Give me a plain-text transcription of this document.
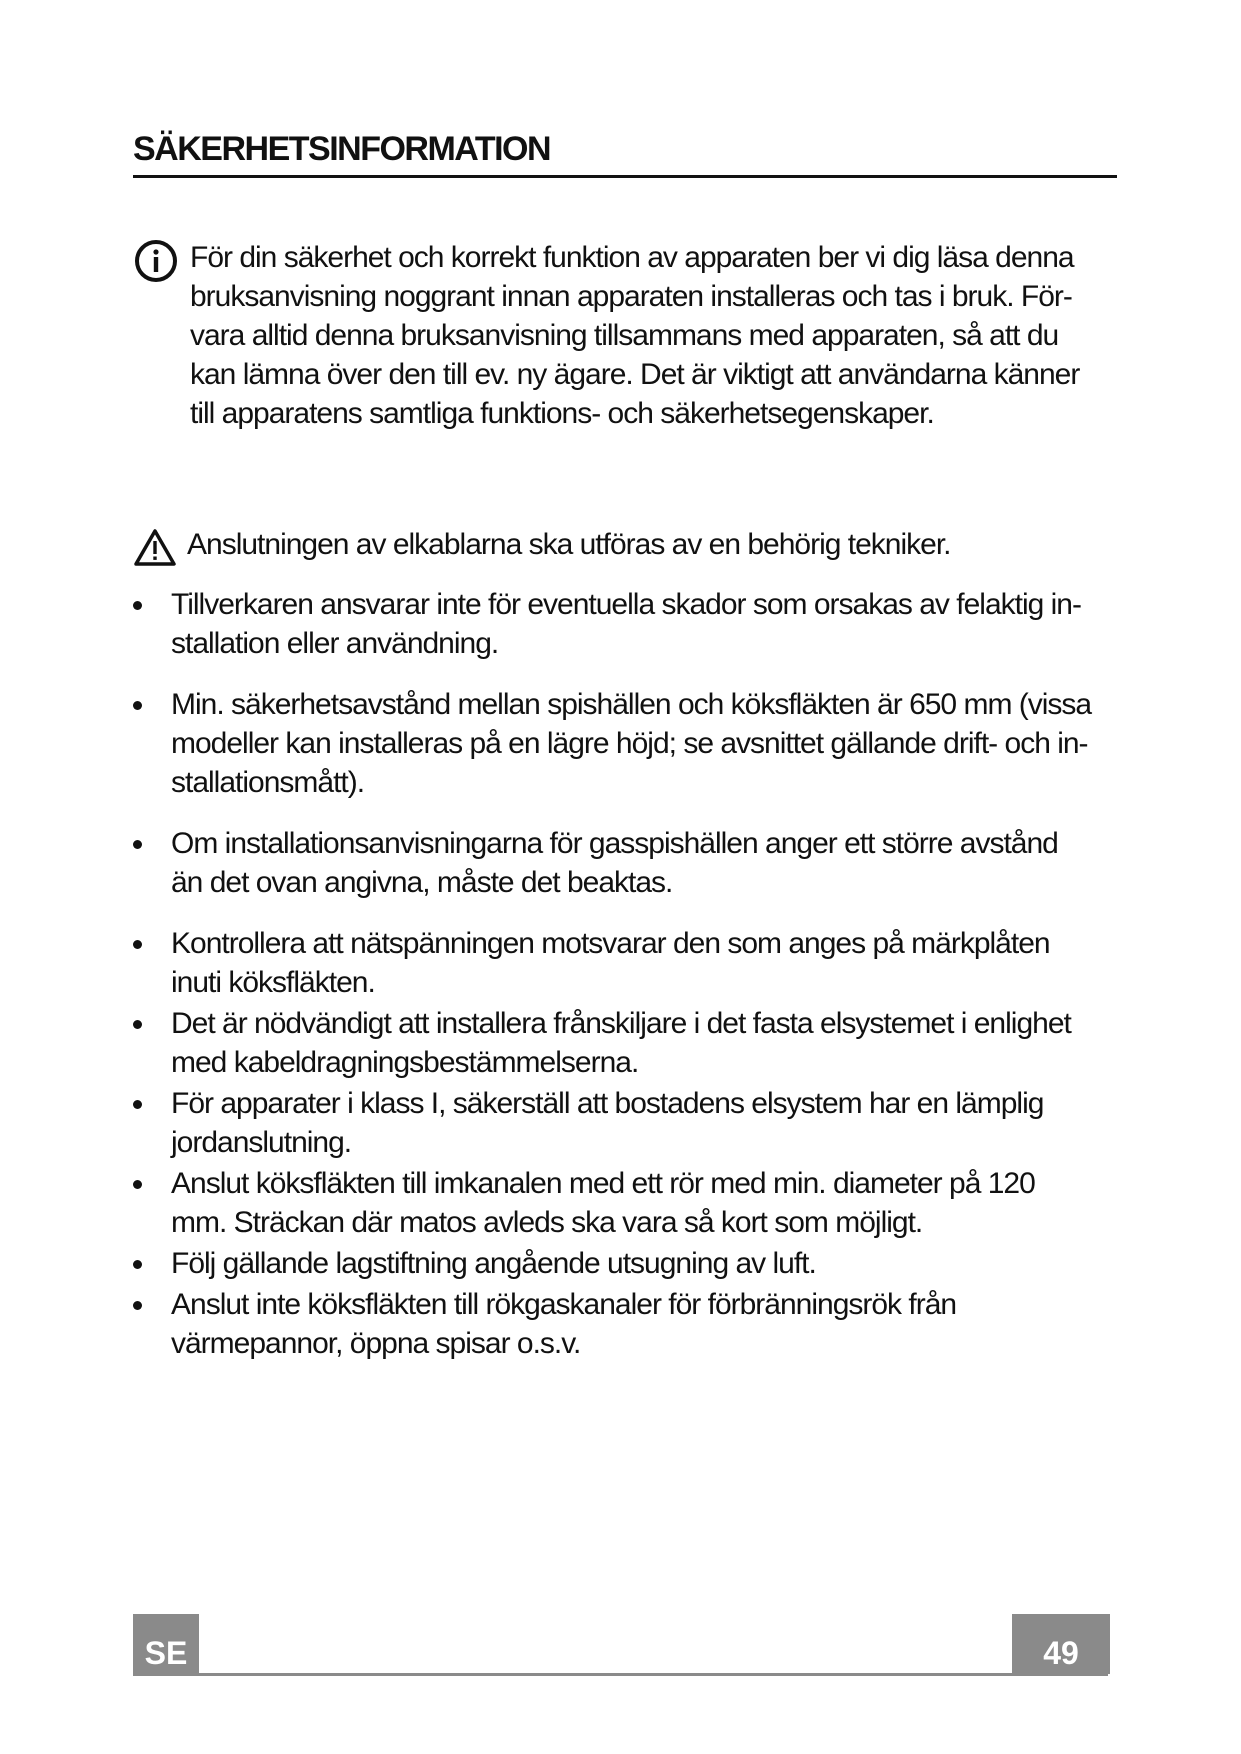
SÄKERHETSINFORMATION

För din säkerhet och korrekt funktion av apparaten ber vi dig läsa denna bruksanvisning noggrant innan apparaten installeras och tas i bruk. För-vara alltid denna bruksanvisning tillsammans med apparaten, så att du kan lämna över den till ev. ny ägare. Det är viktigt att användarna känner till apparatens samtliga funktions- och säkerhetsegenskaper.

Anslutningen av elkablarna ska utföras av en behörig tekniker.

Tillverkaren ansvarar inte för eventuella skador som orsakas av felaktig in-stallation eller användning.
Min. säkerhetsavstånd mellan spishällen och köksfläkten är 650 mm (vissa modeller kan installeras på en lägre höjd; se avsnittet gällande drift- och in-stallationsmått).
Om installationsanvisningarna för gasspishällen anger ett större avstånd än det ovan angivna, måste det beaktas.
Kontrollera att nätspänningen motsvarar den som anges på märkplåten inuti köksfläkten.
Det är nödvändigt att installera frånskiljare i det fasta elsystemet i enlighet med kabeldragningsbestämmelserna.
För apparater i klass I, säkerställ att bostadens elsystem har en lämplig jordanslutning.
Anslut köksfläkten till imkanalen med ett rör med min. diameter på 120 mm. Sträckan där matos avleds ska vara så kort som möjligt.
Följ gällande lagstiftning angående utsugning av luft.
Anslut inte köksfläkten till rökgaskanaler för förbränningsrök från värmepannor, öppna spisar o.s.v.
SE	49
